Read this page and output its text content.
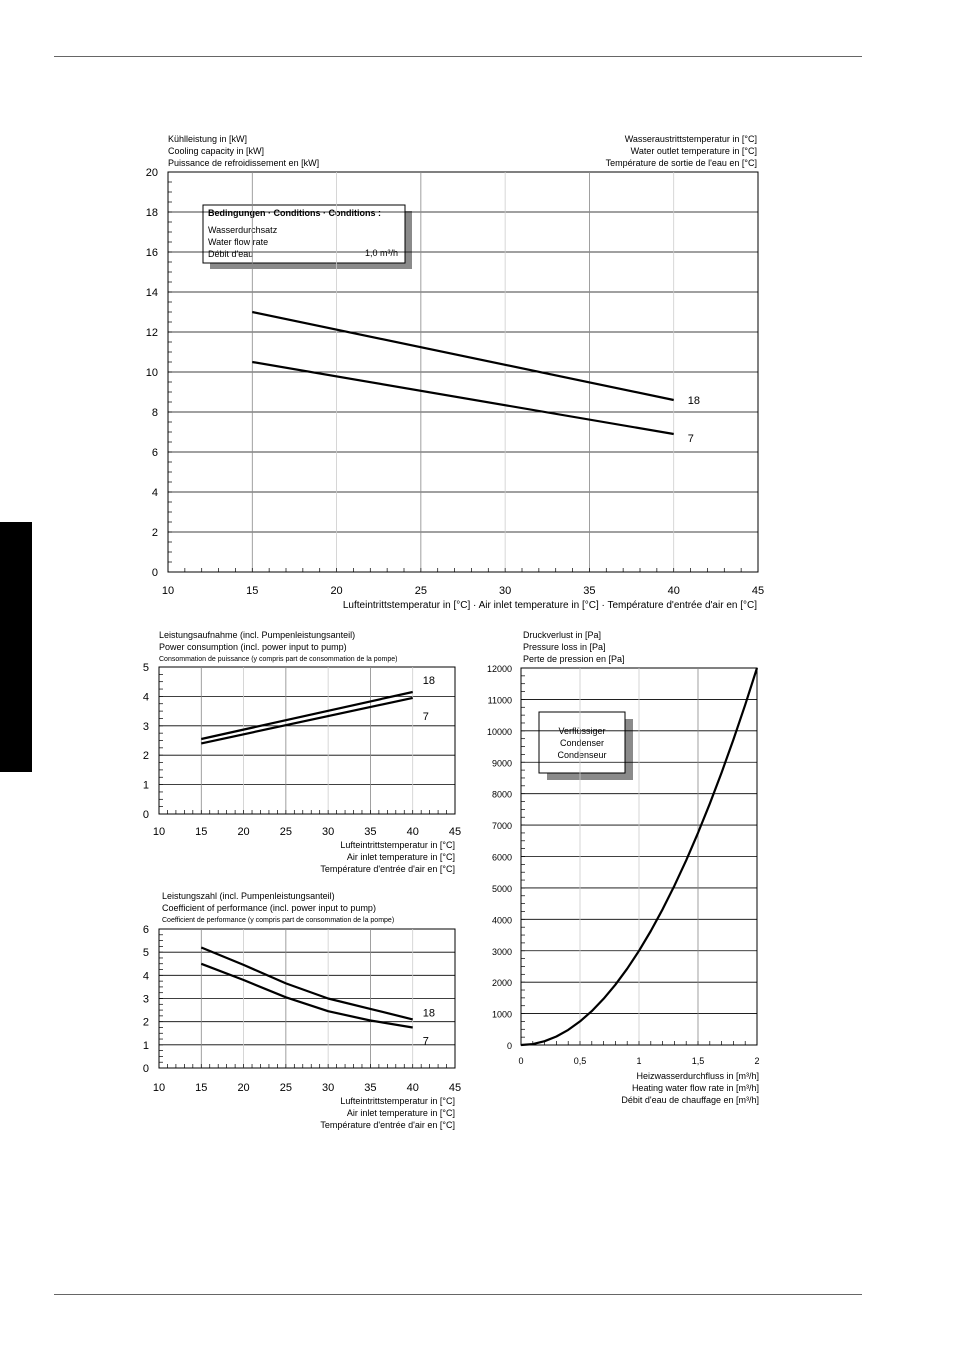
Kühlleistung in [kW]
Cooling capacity in [kW]
Puissance de refroidissement en [kW]
Wasseraustrittstemperatur in [°C]
Water outlet temperature in [°C]
Température de sortie de l'eau en [°C]
Lufteintrittstemperatur in [°C] · Air inlet temperature in [°C] · Température d'entrée d'air en [°C]
Bedingungen · Conditions · Conditions :
Wasserdurchsatz
Water flow rate
Débit d'eau	1,0 m³/h
10	15	20	25	30	35	40	45
0
2
4
6
8
10
12
14
16
18
20
18
7
Leistungsaufnahme (incl. Pumpenleistungsanteil)
Power consumption (incl. power input to pump)
Consommation de puissance (y compris part de consommation de la pompe)
Lufteintrittstemperatur in [°C]
Air inlet temperature in [°C]
Température d'entrée d'air en [°C]
10	15	20	25	30	35	40	45
0
1
2
3
4
5
18
7
Leistungszahl (incl. Pumpenleistungsanteil)
Coefficient of performance (incl. power input to pump)
Coefficient de performance (y compris part de consommation de la pompe)
Lufteintrittstemperatur in [°C]
Air inlet temperature in [°C]
Température d'entrée d'air en [°C]
10	15	20	25	30	35	40	45
0
1
2
3
4
5
6
18
7
Druckverlust in [Pa]
Pressure loss in [Pa]
Perte de pression en [Pa]
Heizwasserdurchfluss in [m³/h]
Heating water flow rate in [m³/h]
Débit d'eau de chauffage en [m³/h]
Verflüssiger
Condenser
Condenseur
0	0,5	1	1,5	2
0
1000
2000
3000
4000
5000
6000
7000
8000
9000
10000
11000
12000
